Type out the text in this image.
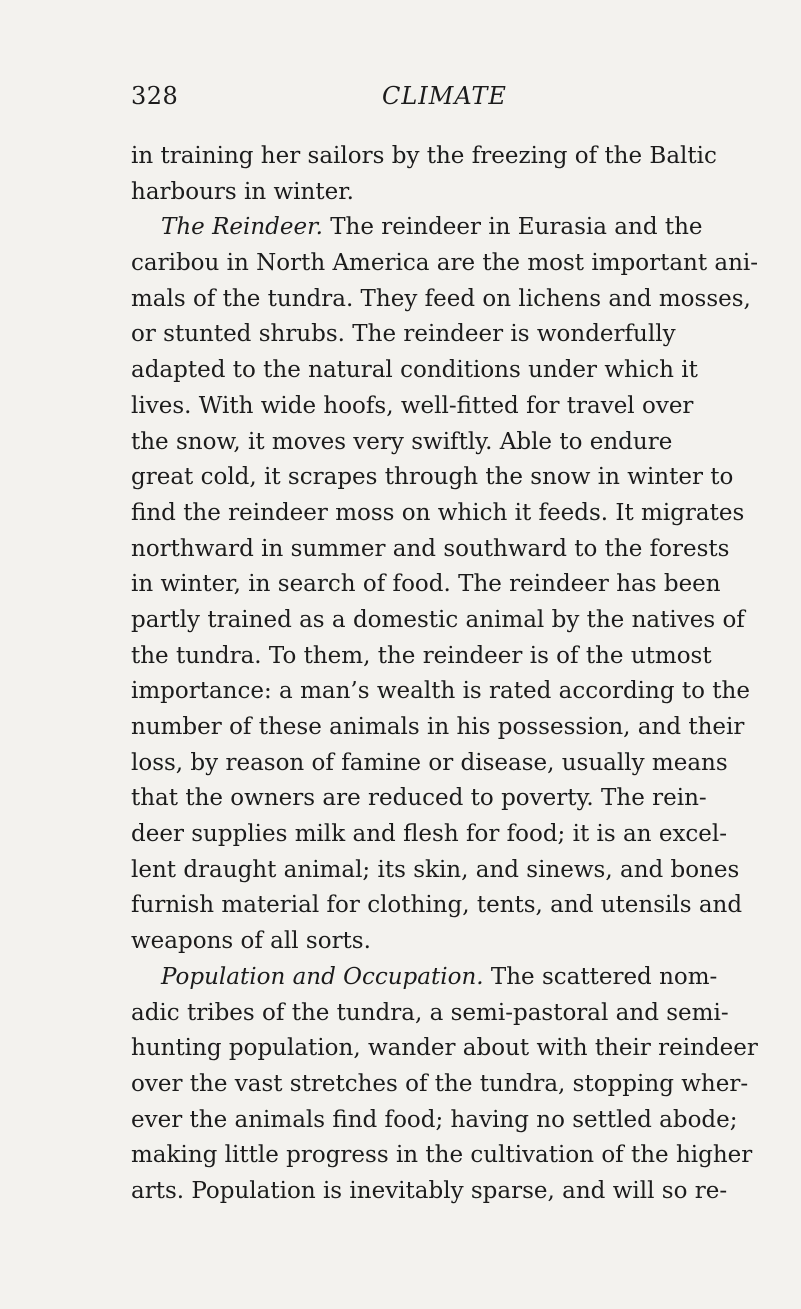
328	CLIMATE
in training her sailors by the freezing of the Baltic
harbours in winter.
The Reindeer. The reindeer in Eurasia and the
caribou in North America are the most important ani-
mals of the tundra. They feed on lichens and mosses,
or stunted shrubs. The reindeer is wonderfully
adapted to the natural conditions under which it
lives. With wide hoofs, well-fitted for travel over
the snow, it moves very swiftly. Able to endure
great cold, it scrapes through the snow in winter to
find the reindeer moss on which it feeds. It migrates
northward in summer and southward to the forests
in winter, in search of food. The reindeer has been
partly trained as a domestic animal by the natives of
the tundra. To them, the reindeer is of the utmost
importance: a man’s wealth is rated according to the
number of these animals in his possession, and their
loss, by reason of famine or disease, usually means
that the owners are reduced to poverty. The rein-
deer supplies milk and flesh for food; it is an excel-
lent draught animal; its skin, and sinews, and bones
furnish material for clothing, tents, and utensils and
weapons of all sorts.
Population and Occupation. The scattered nom-
adic tribes of the tundra, a semi-pastoral and semi-
hunting population, wander about with their reindeer
over the vast stretches of the tundra, stopping wher-
ever the animals find food; having no settled abode;
making little progress in the cultivation of the higher
arts. Population is inevitably sparse, and will so re-
